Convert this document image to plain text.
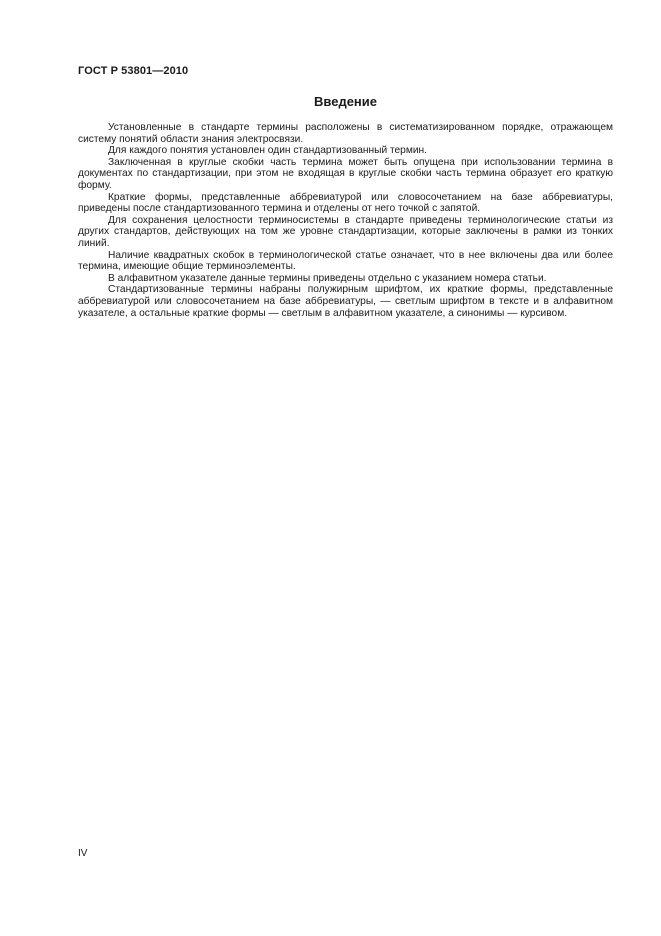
ГОСТ Р 53801—2010
Введение

Установленные в стандарте термины расположены в систематизированном порядке, отражающем систему понятий области знания электросвязи.

Для каждого понятия установлен один стандартизованный термин.

Заключенная в круглые скобки часть термина может быть опущена при использовании термина в документах по стандартизации, при этом не входящая в круглые скобки часть термина образует его краткую форму.

Краткие формы, представленные аббревиатурой или словосочетанием на базе аббревиатуры, приведены после стандартизованного термина и отделены от него точкой с запятой.

Для сохранения целостности терминосистемы в стандарте приведены терминологические статьи из других стандартов, действующих на том же уровне стандартизации, которые заключены в рамки из тонких линий.

Наличие квадратных скобок в терминологической статье означает, что в нее включены два или более термина, имеющие общие терминоэлементы.

В алфавитном указателе данные термины приведены отдельно с указанием номера статьи.

Стандартизованные термины набраны полужирным шрифтом, их краткие формы, представленные аббревиатурой или словосочетанием на базе аббревиатуры, — светлым шрифтом в тексте и в алфавитном указателе, а остальные краткие формы — светлым в алфавитном указателе, а синонимы — курсивом.

IV
